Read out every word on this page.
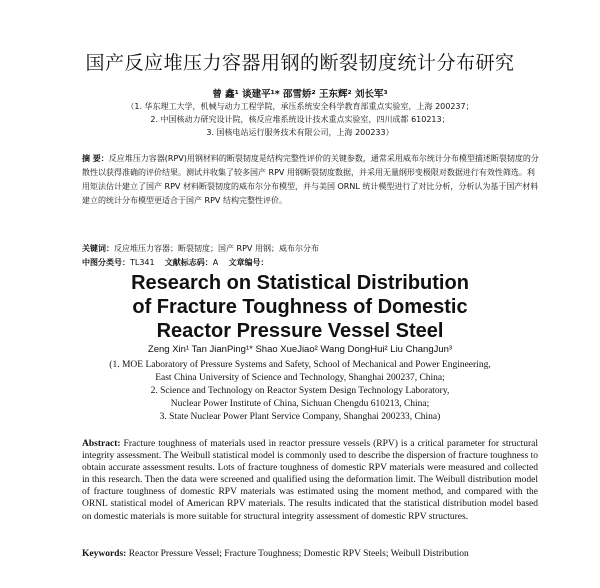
国产反应堆压力容器用钢的断裂韧度统计分布研究
曾 鑫¹ 谈建平¹* 邵雪娇² 王东辉² 刘长军³
（1. 华东理工大学，机械与动力工程学院，承压系统安全科学教育部重点实验室，上海 200237；
2. 中国核动力研究设计院，核反应堆系统设计技术重点实验室，四川成都 610213；
3. 国核电站运行服务技术有限公司，上海 200233）
摘 要：反应堆压力容器(RPV)用钢材料的断裂韧度是结构完整性评价的关键参数，通常采用威布尔统计分布模型描述断裂韧度的分散性以获得准确的评价结果。测试并收集了较多国产 RPV 用钢断裂韧度数据，并采用无量纲形变极限对数据进行有效性筛选。利用矩法估计建立了国产 RPV 材料断裂韧度的威布尔分布模型，并与美国 ORNL 统计模型进行了对比分析，分析认为基于国产材料建立的统计分布模型更适合于国产 RPV 结构完整性评价。
关键词：反应堆压力容器；断裂韧度；国产 RPV 用钢；威布尔分布
中图分类号：TL341 文献标志码：A 文章编号：
Research on Statistical Distribution
of Fracture Toughness of Domestic
Reactor Pressure Vessel Steel
Zeng Xin¹ Tan JianPing¹* Shao XueJiao² Wang DongHui² Liu ChangJun³
(1. MOE Laboratory of Pressure Systems and Safety, School of Mechanical and Power Engineering,
East China University of Science and Technology, Shanghai 200237, China;
2. Science and Technology on Reactor System Design Technology Laboratory,
Nuclear Power Institute of China, Sichuan Chengdu 610213, China;
3. State Nuclear Power Plant Service Company, Shanghai 200233, China)
Abstract: Fracture toughness of materials used in reactor pressure vessels (RPV) is a critical parameter for structural integrity assessment. The Weibull statistical model is commonly used to describe the dispersion of fracture toughness to obtain accurate assessment results. Lots of fracture toughness of domestic RPV materials were measured and collected in this research. Then the data were screened and qualified using the deformation limit. The Weibull distribution model of fracture toughness of domestic RPV materials was estimated using the moment method, and compared with the ORNL statistical model of American RPV materials. The results indicated that the statistical distribution model based on domestic materials is more suitable for structural integrity assessment of domestic RPV structures.
Keywords: Reactor Pressure Vessel; Fracture Toughness; Domestic RPV Steels; Weibull Distribution
